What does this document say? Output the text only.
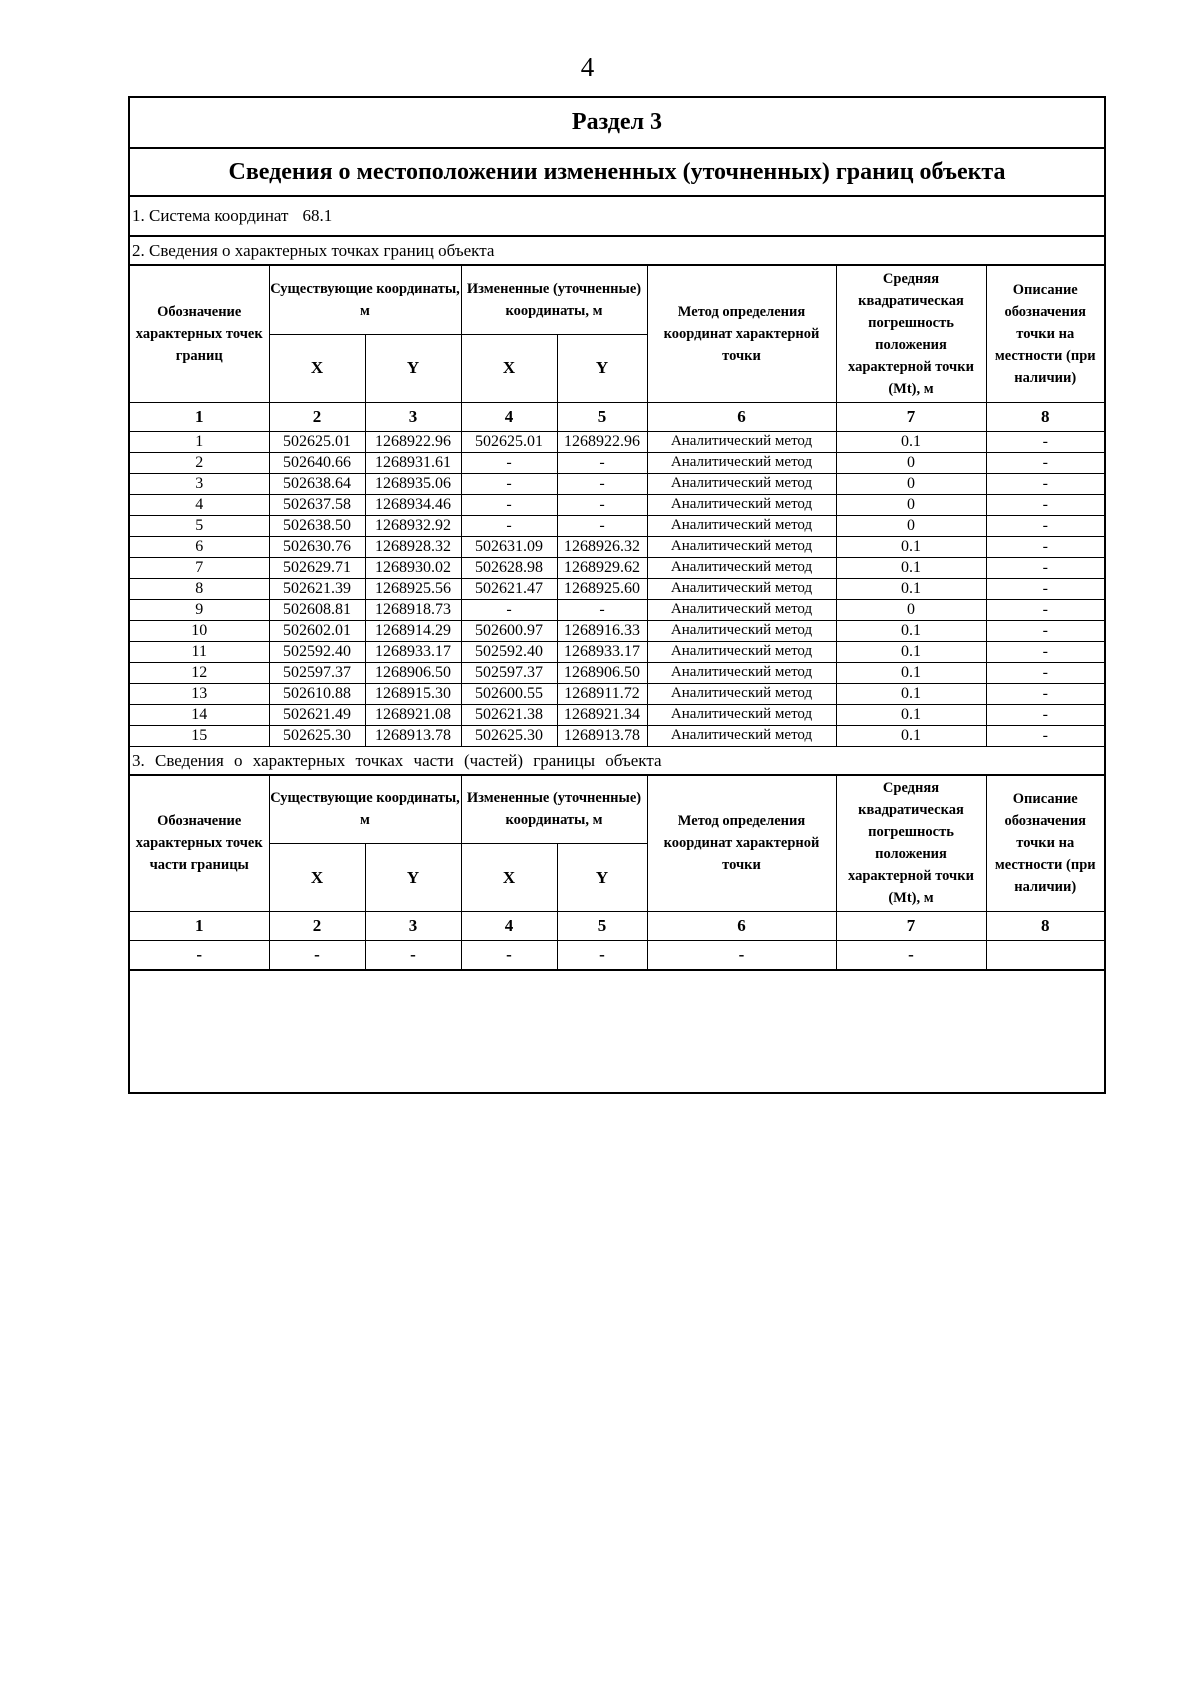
4
Раздел 3
Сведения о местоположении измененных (уточненных) границ объекта
1. Система координат 68.1
2. Сведения о характерных точках границ объекта
Обозначение характерных точек границ	Существующие координаты, м		Измененные (уточненные) координаты, м		Метод определения координат характерной точки	Средняя квадратическая погрешность положения характерной точки (Mt), м	Описание обозначения точки на местности (при наличии)
	X	Y	X	Y			
1	2	3	4	5	6	7	8
1	502625.01	1268922.96	502625.01	1268922.96	Аналитический метод	0.1	-
2	502640.66	1268931.61	-	-	Аналитический метод	0	-
3	502638.64	1268935.06	-	-	Аналитический метод	0	-
4	502637.58	1268934.46	-	-	Аналитический метод	0	-
5	502638.50	1268932.92	-	-	Аналитический метод	0	-
6	502630.76	1268928.32	502631.09	1268926.32	Аналитический метод	0.1	-
7	502629.71	1268930.02	502628.98	1268929.62	Аналитический метод	0.1	-
8	502621.39	1268925.56	502621.47	1268925.60	Аналитический метод	0.1	-
9	502608.81	1268918.73	-	-	Аналитический метод	0	-
10	502602.01	1268914.29	502600.97	1268916.33	Аналитический метод	0.1	-
11	502592.40	1268933.17	502592.40	1268933.17	Аналитический метод	0.1	-
12	502597.37	1268906.50	502597.37	1268906.50	Аналитический метод	0.1	-
13	502610.88	1268915.30	502600.55	1268911.72	Аналитический метод	0.1	-
14	502621.49	1268921.08	502621.38	1268921.34	Аналитический метод	0.1	-
15	502625.30	1268913.78	502625.30	1268913.78	Аналитический метод	0.1	-
3. Сведения о характерных точках части (частей) границы объекта
Обозначение характерных точек части границы	Существующие координаты, м		Измененные (уточненные) координаты, м		Метод определения координат характерной точки	Средняя квадратическая погрешность положения характерной точки (Mt), м	Описание обозначения точки на местности (при наличии)
	X	Y	X	Y			
1	2	3	4	5	6	7	8
-	-	-	-	-	-	-	
